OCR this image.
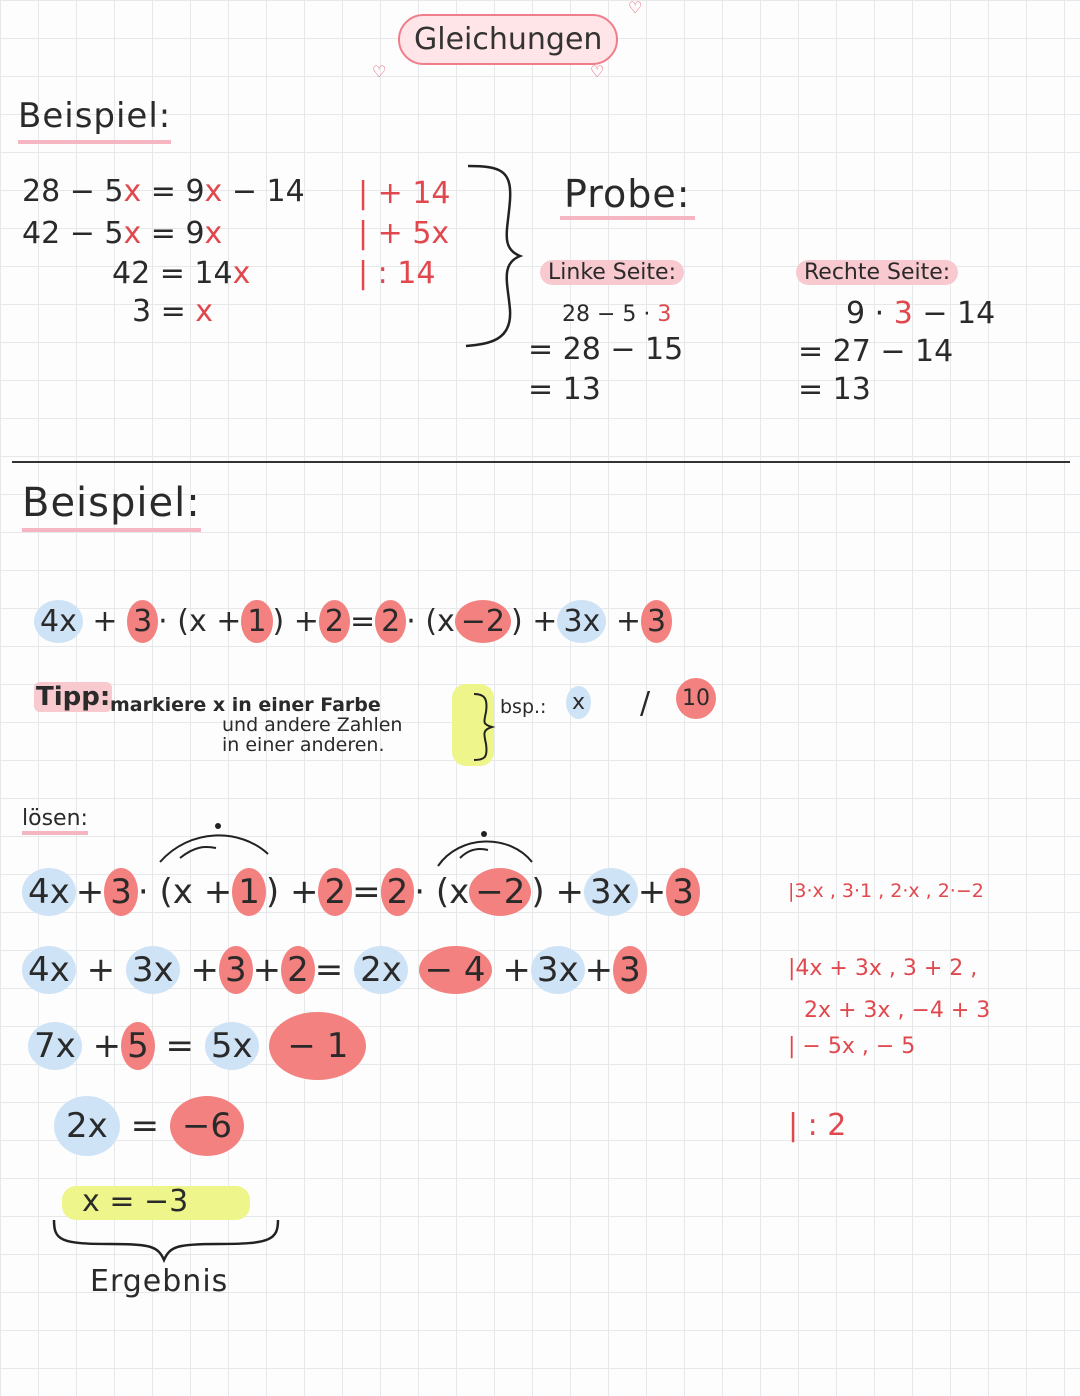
Gleichungen
♡
♡
♡
Beispiel:
28 − 5x = 9x − 14
42 − 5x = 9x
42 = 14x
3 = x
| + 14
| + 5x
| : 14
Probe:
Linke Seite:
28 − 5 · 3
= 28 − 15
= 13
Rechte Seite:
9 · 3 − 14
= 27 − 14
= 13
Beispiel:
4x + 3 · (x + 1 ) + 2 = 2 · (x −2 ) + 3x + 3
Tipp: markiere x in einer Farbe
und andere Zahlen
in einer anderen.
bsp.: x / 10
lösen:
4x + 3 · (x + 1 ) + 2 = 2 · (x −2 ) + 3x + 3	|3·x , 3·1 , 2·x , 2·−2
4x + 3x + 3 + 2 = 2x − 4 + 3x + 3	|4x + 3x , 3 + 2 ,
2x + 3x , −4 + 3
7x + 5 = 5x − 1	| − 5x , − 5
2x = −6	| : 2
x = −3
Ergebnis
